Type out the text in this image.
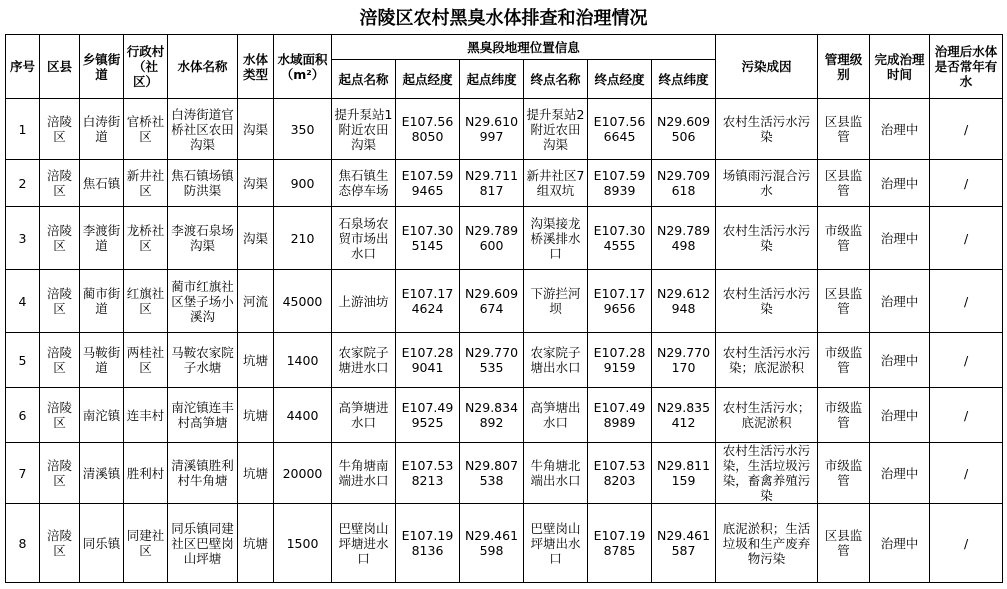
涪陵区农村黑臭水体排查和治理情况
序号	区县	乡镇街道	行政村（社区）	水体名称	水体类型	水域面积（m²）	黑臭段地理位置信息						污染成因	管理级别	完成治理时间	治理后水体是否常年有水
							起点名称	起点经度	起点纬度	终点名称	终点经度	终点纬度				
1	涪陵区	白涛街道	官桥社区	白涛街道官桥社区农田沟渠	沟渠	350	提升泵站1附近农田沟渠	E107.568050	N29.610997	提升泵站2附近农田沟渠	E107.566645	N29.609506	农村生活污水污染	区县监管	治理中	/
2	涪陵区	焦石镇	新井社区	焦石镇场镇防洪渠	沟渠	900	焦石镇生态停车场	E107.599465	N29.711817	新井社区7组双坑	E107.598939	N29.709618	场镇雨污混合污水	区县监管	治理中	/
3	涪陵区	李渡街道	龙桥社区	李渡石泉场沟渠	沟渠	210	石泉场农贸市场出水口	E107.305145	N29.789600	沟渠接龙桥溪排水口	E107.304555	N29.789498	农村生活污水污染	市级监管	治理中	/
4	涪陵区	蔺市街道	红旗社区	蔺市红旗社区堡子场小溪沟	河流	45000	上游油坊	E107.174624	N29.609674	下游拦河坝	E107.179656	N29.612948	农村生活污水污染	区县监管	治理中	/
5	涪陵区	马鞍街道	两桂社区	马鞍农家院子水塘	坑塘	1400	农家院子塘进水口	E107.289041	N29.770535	农家院子塘出水口	E107.289159	N29.770170	农村生活污水污染；底泥淤积	市级监管	治理中	/
6	涪陵区	南沱镇	连丰村	南沱镇连丰村高笋塘	坑塘	4400	高笋塘进水口	E107.499525	N29.834892	高笋塘出水口	E107.498989	N29.835412	农村生活污水；底泥淤积	市级监管	治理中	/
7	涪陵区	清溪镇	胜利村	清溪镇胜利村牛角塘	坑塘	20000	牛角塘南端进水口	E107.538213	N29.807538	牛角塘北端出水口	E107.538203	N29.811159	农村生活污水污染，生活垃圾污染，畜禽养殖污染	市级监管	治理中	/
8	涪陵区	同乐镇	同建社区	同乐镇同建社区巴壁岗山坪塘	坑塘	1500	巴壁岗山坪塘进水口	E107.198136	N29.461598	巴壁岗山坪塘出水口	E107.198785	N29.461587	底泥淤积；生活垃圾和生产废弃物污染	区县监管	治理中	/
